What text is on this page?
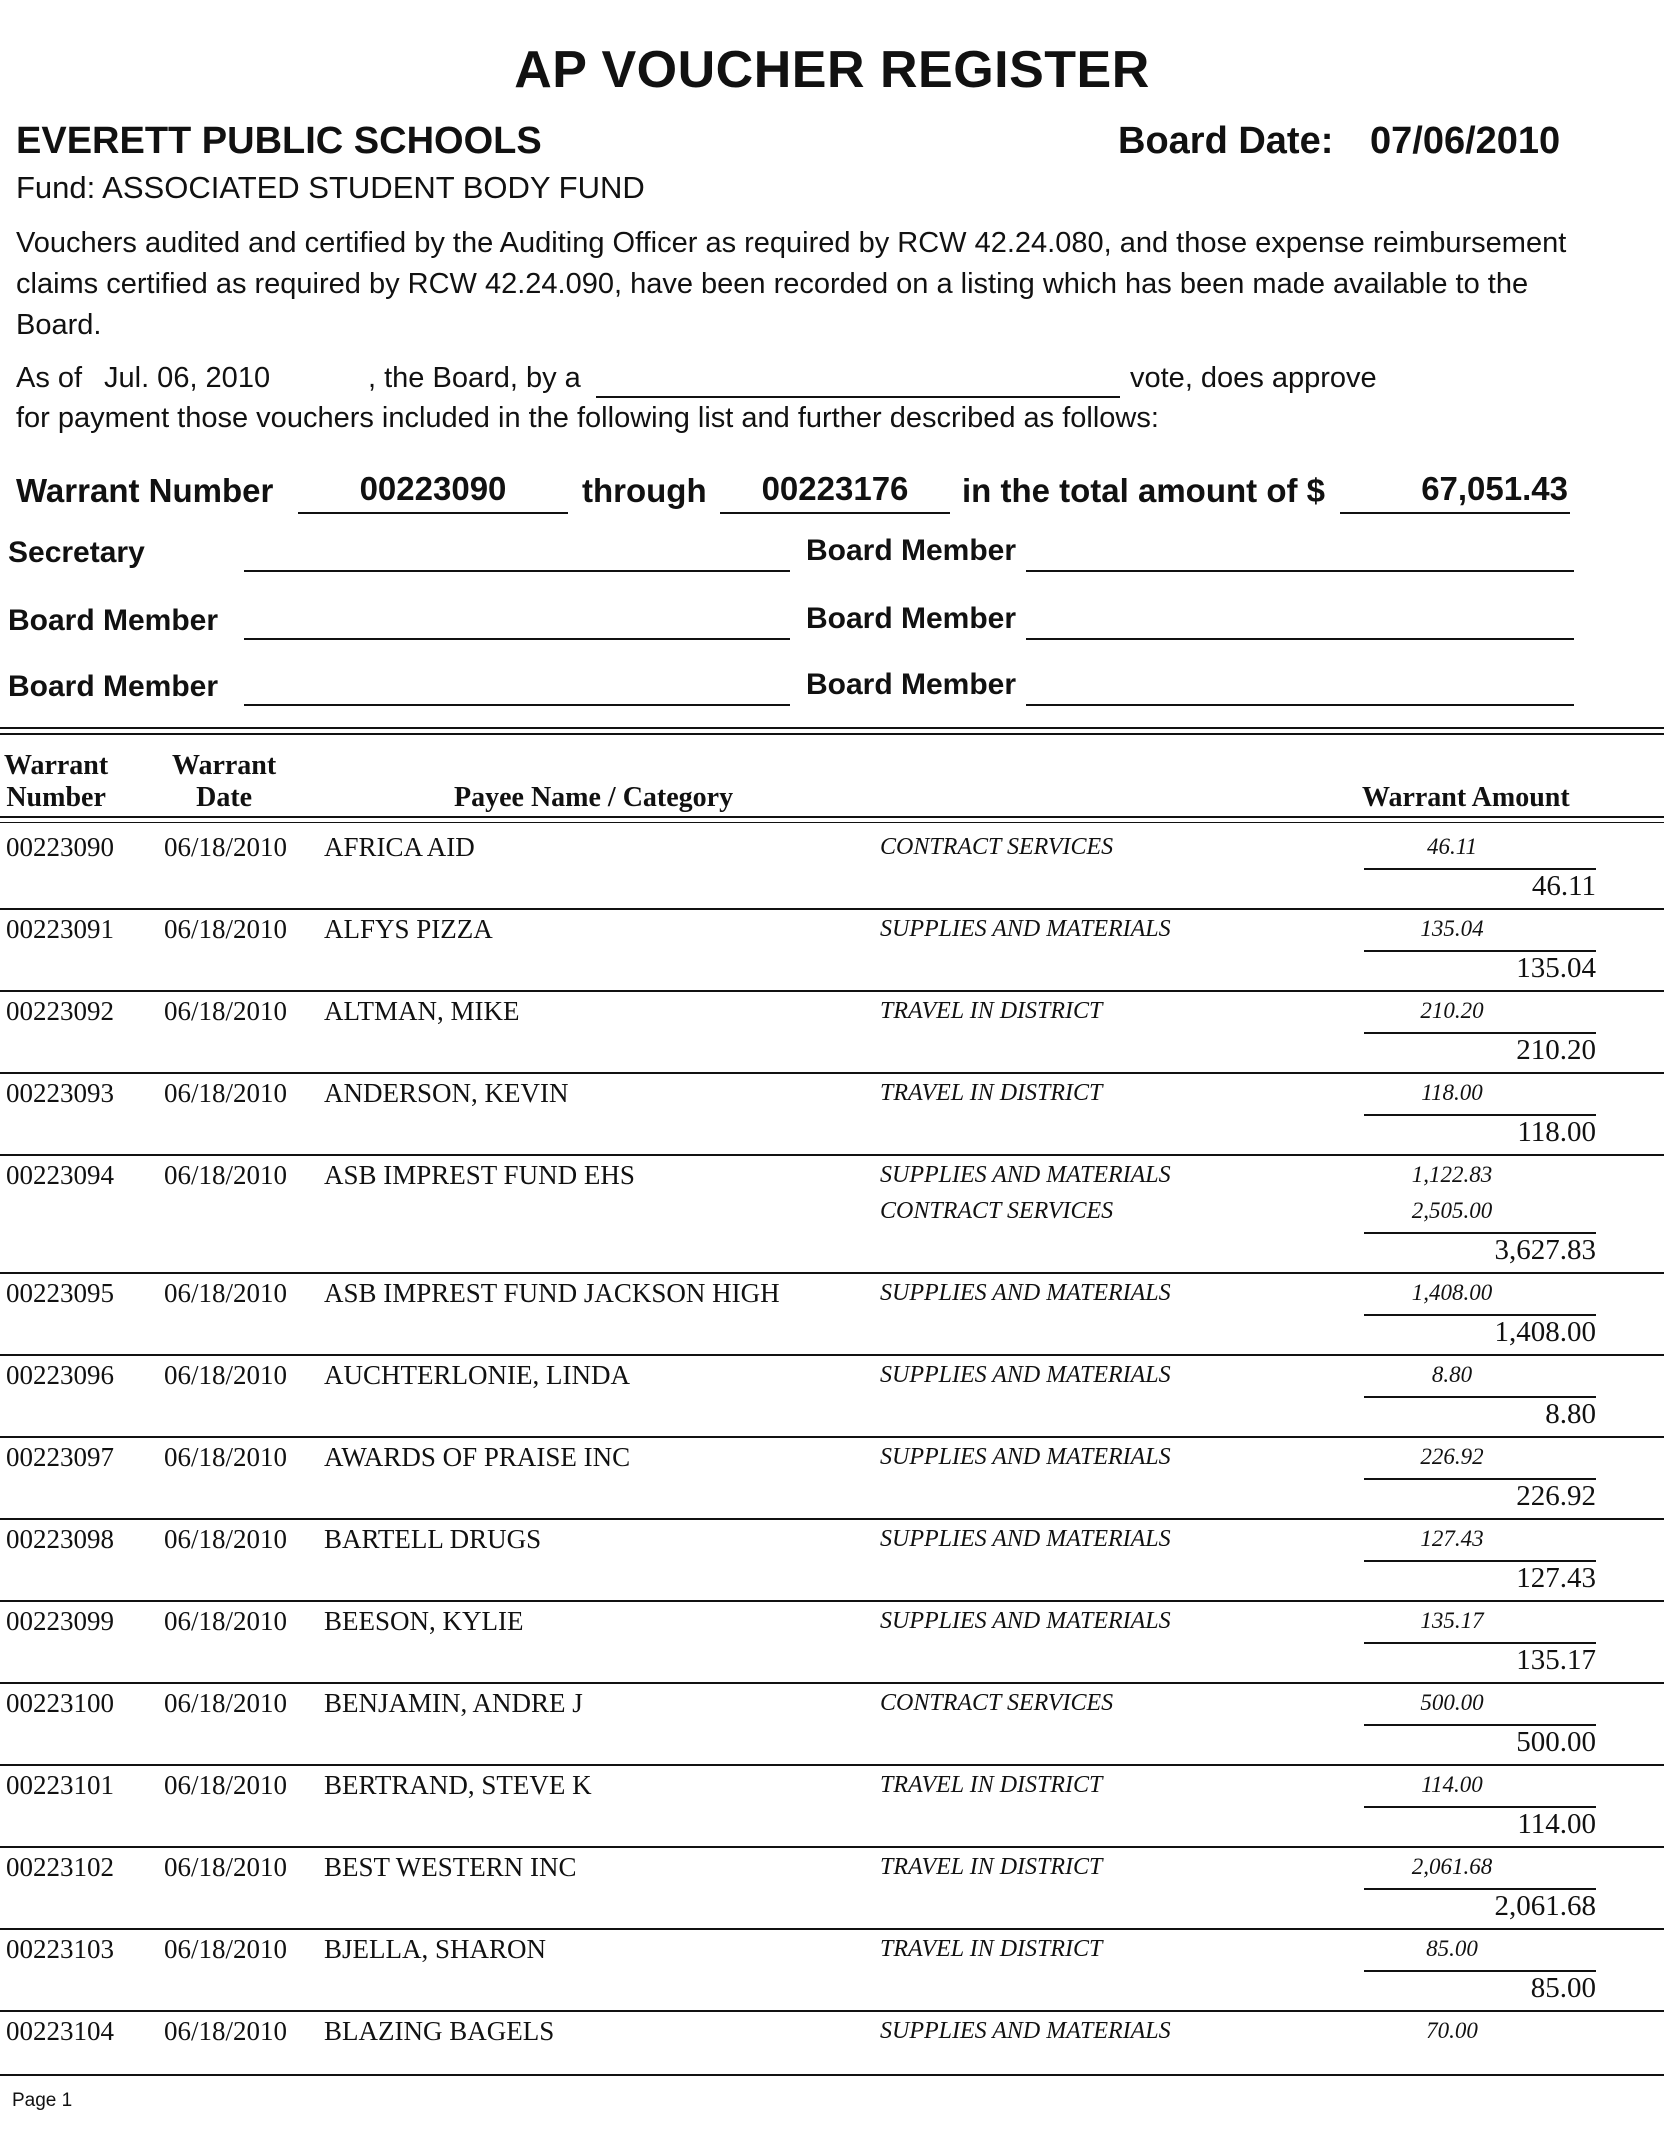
AP VOUCHER REGISTER
EVERETT PUBLIC SCHOOLS	Board Date: 07/06/2010
Fund: ASSOCIATED STUDENT BODY FUND
Vouchers audited and certified by the Auditing Officer as required by RCW 42.24.080, and those expense reimbursement claims certified as required by RCW 42.24.090, have been recorded on a listing which has been made available to the Board.
As of Jul. 06, 2010	, the Board, by a	vote, does approve
for payment those vouchers included in the following list and further described as follows:
Warrant Number	00223090	through	00223176	in the total amount of $	67,051.43
Secretary	Board Member
Board Member	Board Member
Board Member	Board Member
Warrant
Number
Warrant
Date	Payee Name / Category	Warrant Amount
00223090 06/18/2010 AFRICA AID	CONTRACT SERVICES	46.11
46.11
00223091 06/18/2010 ALFYS PIZZA	SUPPLIES AND MATERIALS	135.04
135.04
00223092 06/18/2010 ALTMAN, MIKE	TRAVEL IN DISTRICT	210.20
210.20
00223093 06/18/2010 ANDERSON, KEVIN	TRAVEL IN DISTRICT	118.00
118.00
00223094 06/18/2010 ASB IMPREST FUND EHS	SUPPLIES AND MATERIALS	1,122.83
CONTRACT SERVICES	2,505.00
3,627.83
00223095 06/18/2010 ASB IMPREST FUND JACKSON HIGH	SUPPLIES AND MATERIALS	1,408.00
1,408.00
00223096 06/18/2010 AUCHTERLONIE, LINDA	SUPPLIES AND MATERIALS	8.80
8.80
00223097 06/18/2010 AWARDS OF PRAISE INC	SUPPLIES AND MATERIALS	226.92
226.92
00223098 06/18/2010 BARTELL DRUGS	SUPPLIES AND MATERIALS	127.43
127.43
00223099 06/18/2010 BEESON, KYLIE	SUPPLIES AND MATERIALS	135.17
135.17
00223100 06/18/2010 BENJAMIN, ANDRE J	CONTRACT SERVICES	500.00
500.00
00223101 06/18/2010 BERTRAND, STEVE K	TRAVEL IN DISTRICT	114.00
114.00
00223102 06/18/2010 BEST WESTERN INC	TRAVEL IN DISTRICT	2,061.68
2,061.68
00223103 06/18/2010 BJELLA, SHARON	TRAVEL IN DISTRICT	85.00
85.00
00223104 06/18/2010 BLAZING BAGELS	SUPPLIES AND MATERIALS	70.00
Page 1
